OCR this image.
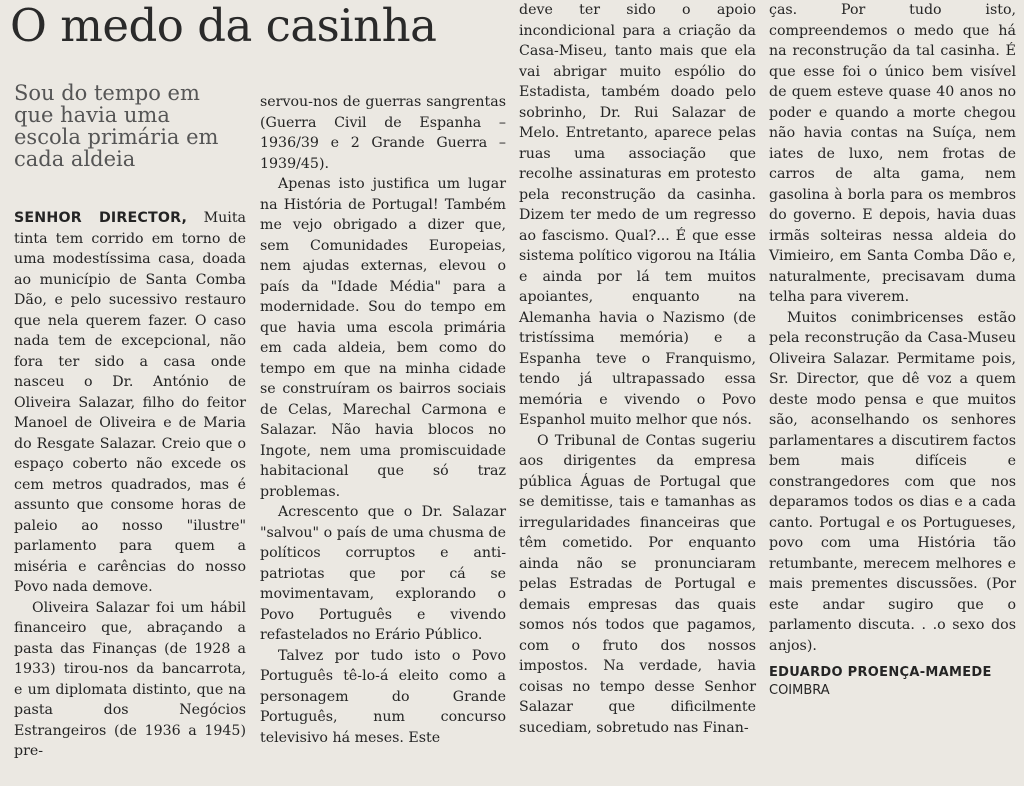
O medo da casinha
Sou do tempo em que havia uma escola primária em cada aldeia

SENHOR DIRECTOR, Muita tinta tem corrido em torno de uma modestíssima casa, doada ao município de Santa Comba Dão, e pelo sucessivo restauro que nela querem fazer. O caso nada tem de excepcional, não fora ter sido a casa onde nasceu o Dr. António de Oliveira Salazar, filho do feitor Manoel de Oliveira e de Maria do Resgate Salazar. Creio que o espaço coberto não excede os cem metros quadrados, mas é assunto que consome horas de paleio ao nosso "ilustre" parlamento para quem a miséria e carências do nosso Povo nada demove.

Oliveira Salazar foi um hábil financeiro que, abraçando a pasta das Finanças (de 1928 a 1933) tirou-nos da bancarrota, e um diplomata distinto, que na pasta dos Negócios Estrangeiros (de 1936 a 1945) pre-

servou-nos de guerras sangrentas (Guerra Civil de Espanha – 1936/39 e 2 Grande Guerra – 1939/45).

Apenas isto justifica um lugar na História de Portugal! Também me vejo obrigado a dizer que, sem Comunidades Europeias, nem ajudas externas, elevou o país da "Idade Média" para a modernidade. Sou do tempo em que havia uma escola primária em cada aldeia, bem como do tempo em que na minha cidade se construíram os bairros sociais de Celas, Marechal Carmona e Salazar. Não havia blocos no Ingote, nem uma promiscuidade habitacional que só traz problemas.

Acrescento que o Dr. Salazar "salvou" o país de uma chusma de políticos corruptos e anti-patriotas que por cá se movimentavam, explorando o Povo Português e vivendo refastelados no Erário Público.

Talvez por tudo isto o Povo Português tê-lo-á eleito como a personagem do Grande Português, num concurso televisivo há meses. Este

deve ter sido o apoio incondicional para a criação da Casa-Miseu, tanto mais que ela vai abrigar muito espólio do Estadista, também doado pelo sobrinho, Dr. Rui Salazar de Melo. Entretanto, aparece pelas ruas uma associação que recolhe assinaturas em protesto pela reconstrução da casinha. Dizem ter medo de um regresso ao fascismo. Qual?... É que esse sistema político vigorou na Itália e ainda por lá tem muitos apoiantes, enquanto na Alemanha havia o Nazismo (de tristíssima memória) e a Espanha teve o Franquismo, tendo já ultrapassado essa memória e vivendo o Povo Espanhol muito melhor que nós.

O Tribunal de Contas sugeriu aos dirigentes da empresa pública Águas de Portugal que se demitisse, tais e tamanhas as irregularidades financeiras que têm cometido. Por enquanto ainda não se pronunciaram pelas Estradas de Portugal e demais empresas das quais somos nós todos que pagamos, com o fruto dos nossos impostos. Na verdade, havia coisas no tempo desse Senhor Salazar que dificilmente sucediam, sobretudo nas Finan-

ças. Por tudo isto, compreendemos o medo que há na reconstrução da tal casinha. É que esse foi o único bem visível de quem esteve quase 40 anos no poder e quando a morte chegou não havia contas na Suíça, nem iates de luxo, nem frotas de carros de alta gama, nem gasolina à borla para os membros do governo. E depois, havia duas irmãs solteiras nessa aldeia do Vimieiro, em Santa Comba Dão e, naturalmente, precisavam duma telha para viverem.

Muitos conimbricenses estão pela reconstrução da Casa-Museu Oliveira Salazar. Permitame pois, Sr. Director, que dê voz a quem deste modo pensa e que muitos são, aconselhando os senhores parlamentares a discutirem factos bem mais difíceis e constrangedores com que nos deparamos todos os dias e a cada canto. Portugal e os Portugueses, povo com uma História tão retumbante, merecem melhores e mais prementes discussões. (Por este andar sugiro que o parlamento discuta. . .o sexo dos anjos).

EDUARDO PROENÇA-MAMEDE
COIMBRA
